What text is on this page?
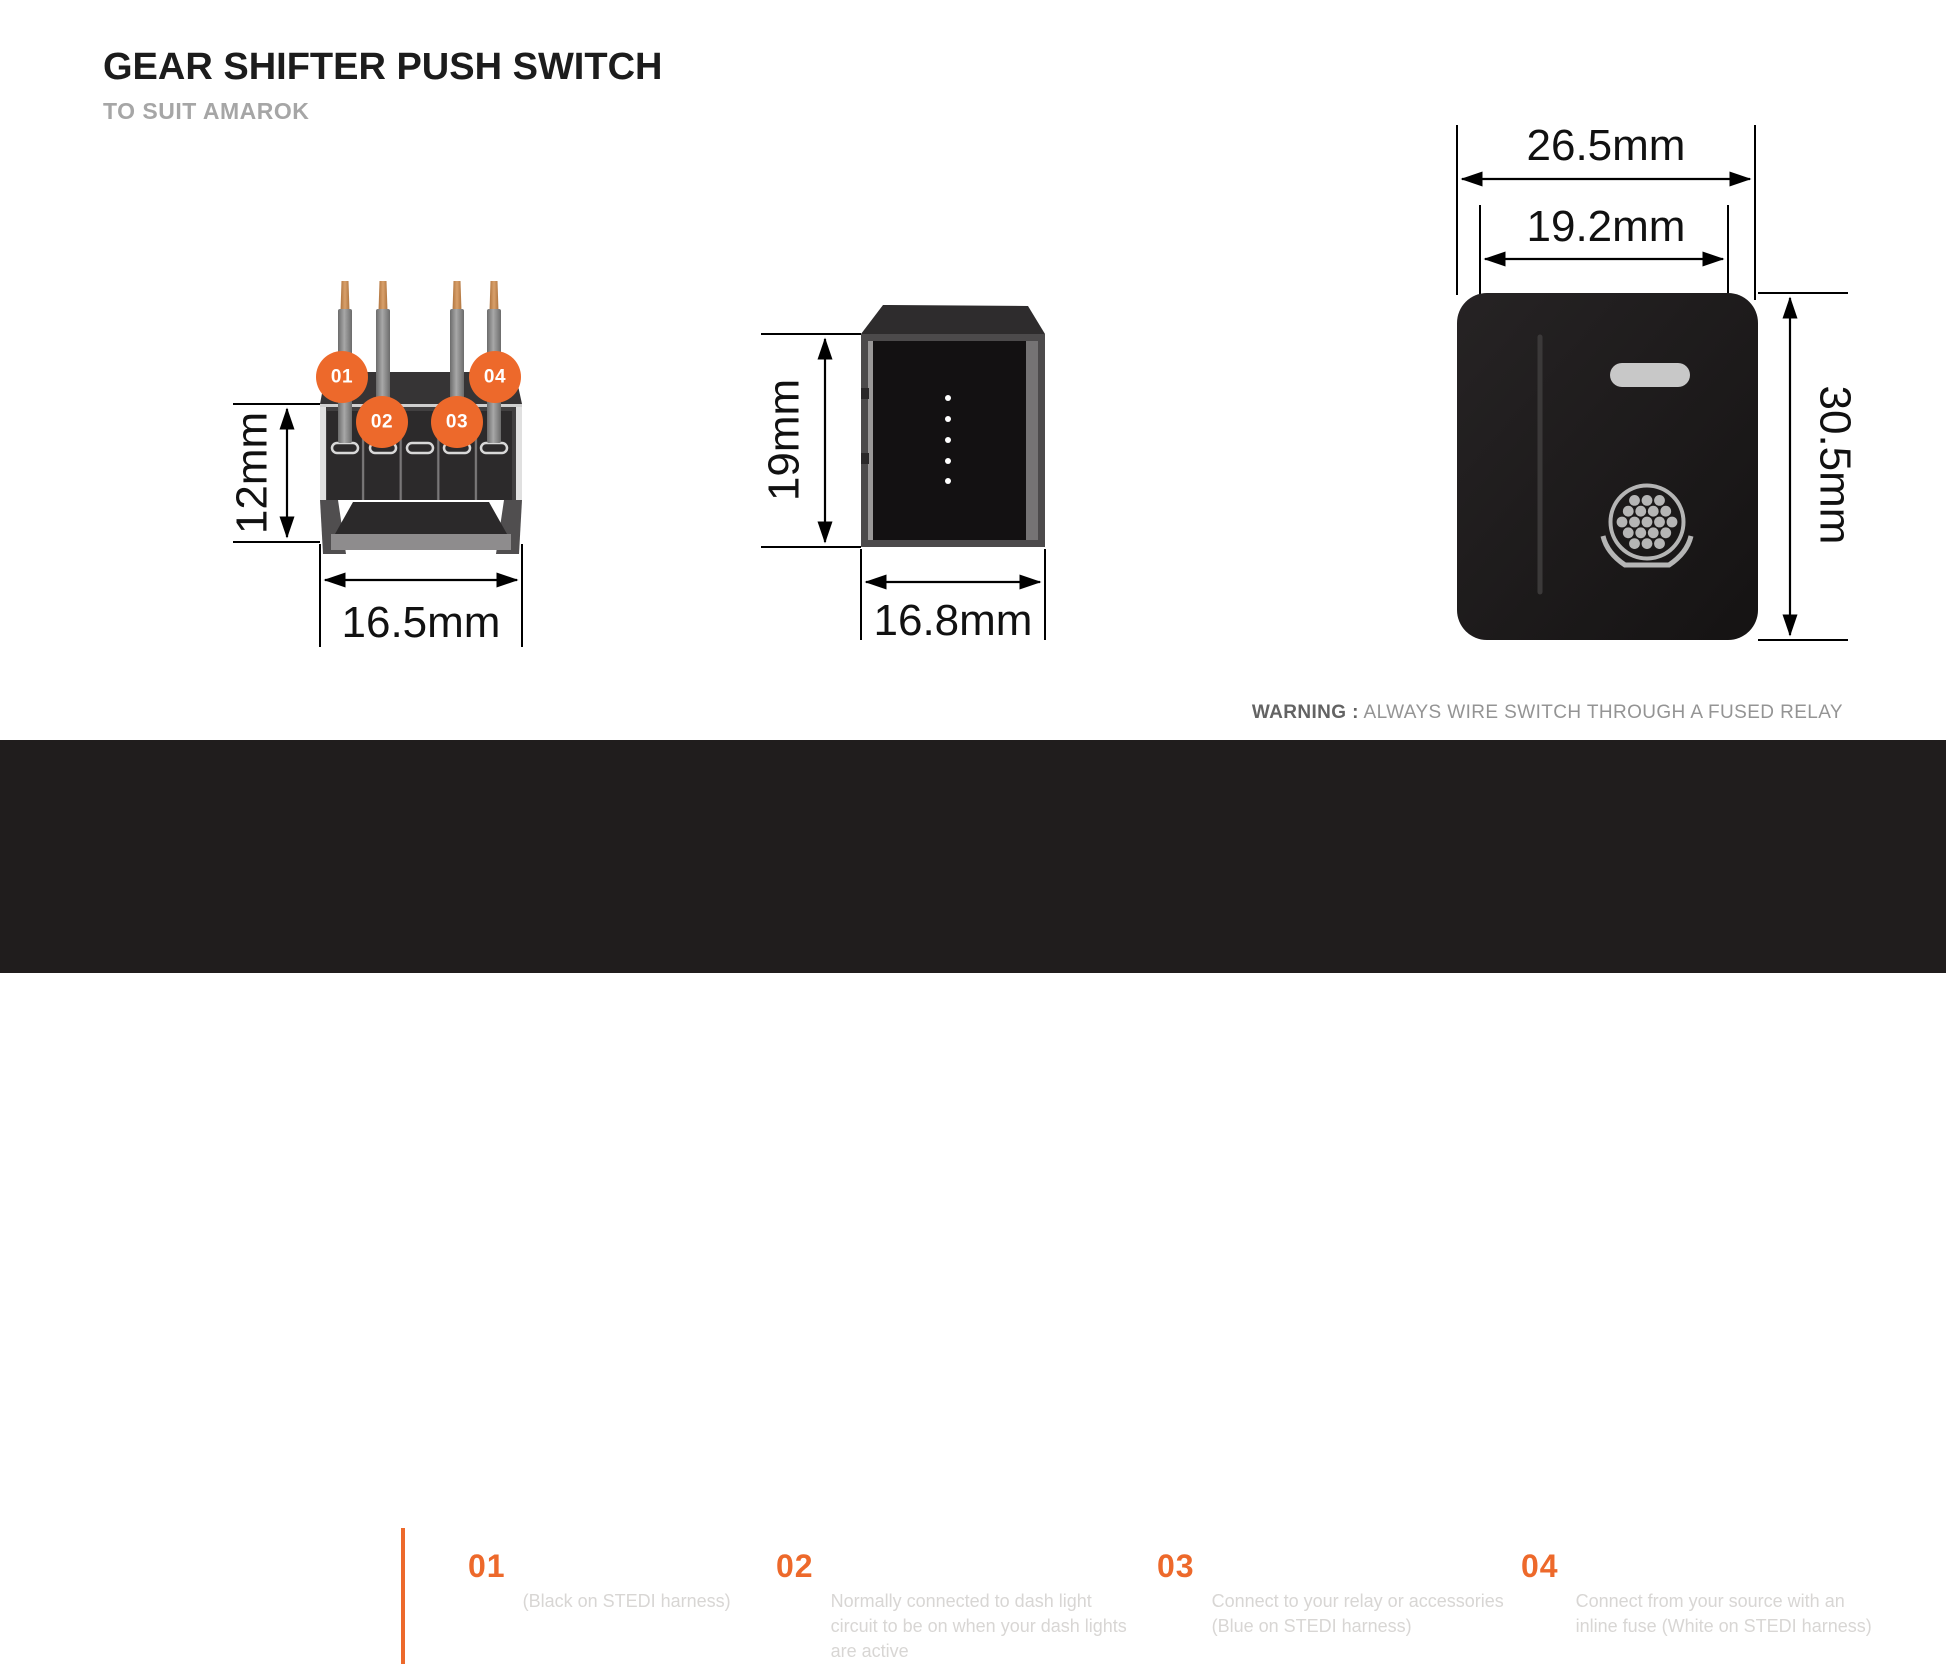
GEAR SHIFTER PUSH SWITCH
TO SUIT AMAROK
12mm
01
02	03
04
16.5mm
19mm
16.8mm
26.5mm
19.2mm
30.5mm
WARNING : ALWAYS WIRE SWITCH THROUGH A FUSED RELAY
WIRING POINTS
01 EARTH / GROUND
(Black on STEDI harness)
02 DASH LIGHTS ON
Normally connected to dash light
circuit to be on when your dash lights
are active
03 RELAY
Connect to your relay or accessories
(Blue on STEDI harness)
04 SOURCE
Connect from your source with an
inline fuse (White on STEDI harness)
